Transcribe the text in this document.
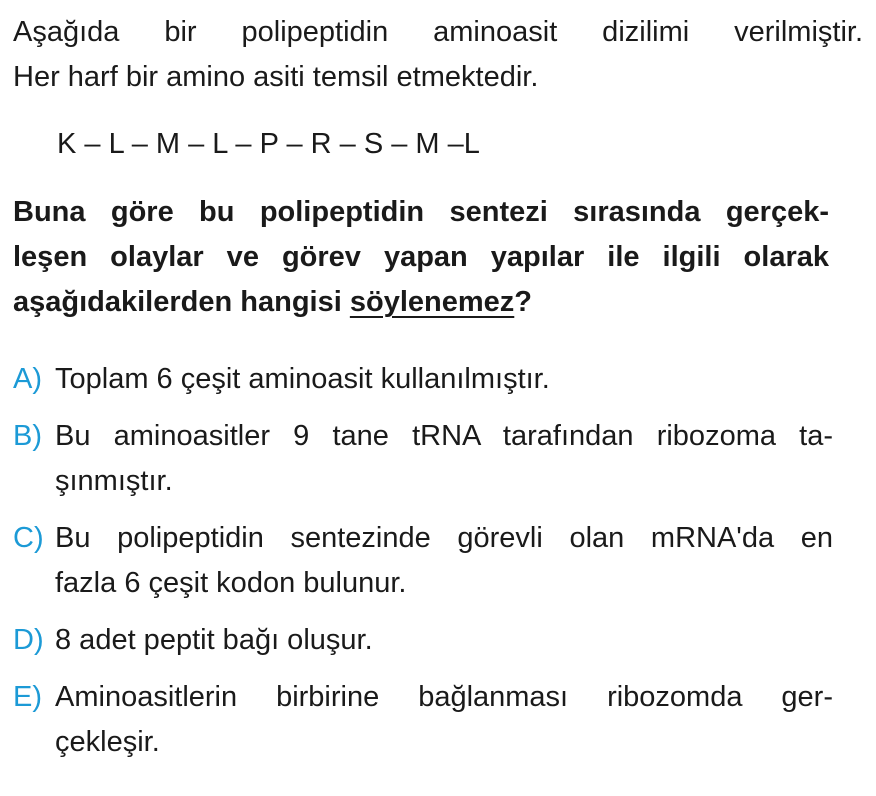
Aşağıda bir polipeptidin aminoasit dizilimi verilmiştir.
Her harf bir amino asiti temsil etmektedir.
K – L – M – L – P – R – S – M –L
Buna göre bu polipeptidin sentezi sırasında gerçek-
leşen olaylar ve görev yapan yapılar ile ilgili olarak
aşağıdakilerden hangisi söylenemez?
A) Toplam 6 çeşit aminoasit kullanılmıştır.
B) Bu aminoasitler 9 tane tRNA tarafından ribozoma ta-
şınmıştır.
C) Bu polipeptidin sentezinde görevli olan mRNA'da en
fazla 6 çeşit kodon bulunur.
D) 8 adet peptit bağı oluşur.
E) Aminoasitlerin birbirine bağlanması ribozomda ger-
çekleşir.
